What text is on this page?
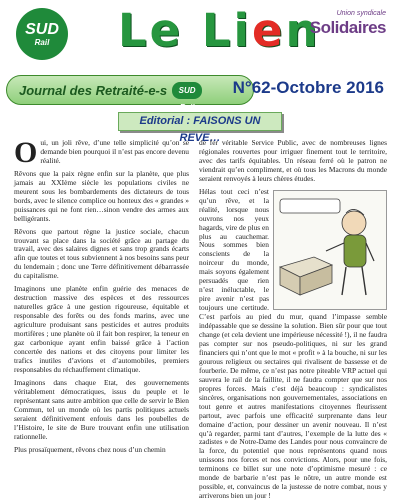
SUD
Rail Le Lien	Union syndicale
Solidaires
Journal des Retraité-e-s	SUD Rail
N°62-Octobre 2016
Editorial : FAISONS UN REVE…

Oui, un joli rêve, d’une telle simplicité qu’on se demande bien pourquoi il n’est pas encore devenu réalité.

Rêvons que la paix règne enfin sur la planète, que plus jamais au XXIème siècle les populations civiles ne meurent sous les bombardements des dictateurs de tous bords, avec le silence complice ou honteux des « grandes » puissances qui ne font rien…sinon vendre des armes aux belligérants.

Rêvons que partout règne la justice sociale, chacun trouvant sa place dans la société grâce au partage du travail, avec des salaires dignes et sans trop grands écarts afin que toutes et tous subviennent à nos besoins sans peur du lendemain ; donc une Terre définitivement débarrassée du capitalisme.

Imaginons une planète enfin guérie des menaces de destruction massive des espèces et des ressources naturelles grâce à une gestion rigoureuse, équitable et responsable des forêts ou des fonds marins, avec une agriculture produisant sans pesticides et autres produits mortifères ; une planète où il fait bon respirer, la teneur en gaz carbonique ayant enfin baissé grâce à l’action concertée des nations et des citoyens pour limiter les trafics inutiles d’avions et d’automobiles, premiers responsables du réchauffement climatique.

Imaginons dans chaque Etat, des gouvernements véritablement démocratiques, issus du peuple et le représentant sans autre ambition que celle de servir le Bien Commun, tel un monde où les partis politiques actuels seraient définitivement enfouis dans les poubelles de l’Histoire, le site de Bure trouvant enfin une utilisation rationnelle.

Plus prosaïquement, rêvons chez nous d’un chemin

de fer véritable Service Public, avec de nombreuses lignes régionales rouvertes pour irriguer finement tout le territoire, avec des tarifs équitables. Un réseau ferré où le patron ne viendrait qu’en compliment, et où tous les Macrons du monde seraient renvoyés à leurs chères études.

Hélas tout ceci n’est qu’un rêve, et la réalité, lorsque nous ouvrons nos yeux hagards, vire de plus en plus au cauchemar. Nous sommes bien conscients de la noirceur du monde, mais soyons également persuadés que rien n’est inéluctable, le pire avenir n’est pas toujours une certitude. C’est parfois au pied du mur, quand l’impasse semble indépassable que se dessine la solution. Bien sûr pour que tout change (et cela devient une impérieuse nécessité !), il ne faudra pas compter sur nos pseudo-politiques, ni sur les grand financiers qui n’ont que le mot « profit » à la bouche, ni sur les gourous religieux ou sectaires qui rivalisent de bassesse et de fourberie. De même, ce n’est pas notre piteable VRP actuel qui sauvera le rail de la faillite, il ne faudra compter que sur nos propres forces. Mais c’est déjà beaucoup : syndicalistes sincères, organisations non gouvernementales, associations en tout genre et autres manifestations citoyennes fleurissent partout, avec parfois une efficacité surprenante dans leur domaine d’action, pour dessiner un avenir nouveau. Il n’est qu’à regarder, parmi tant d’autres, l’exemple de la lutte des « zadistes » de Notre-Dame des Landes pour nous convaincre de la force, du potentiel que nous représentons quand nous unissons nos forces et nos convictions. Alors, pour une fois, terminons ce billet sur une note d’optimisme mesuré : ce monde de barbarie n’est pas le nôtre, un autre monde est possible, et, convaincus de la justesse de notre combat, nous y arriverons bien un jour !
